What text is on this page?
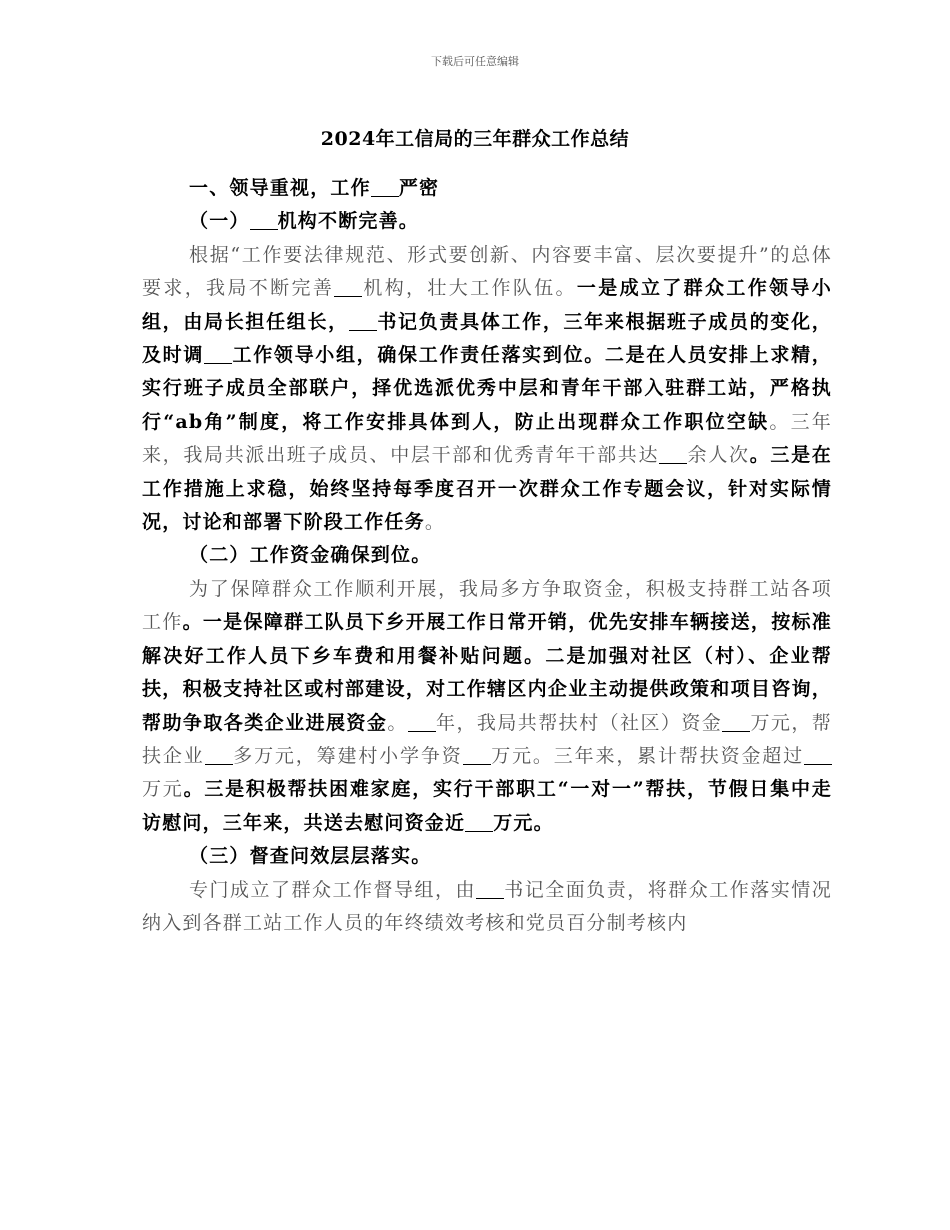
下载后可任意编辑
2024年工信局的三年群众工作总结
一、领导重视，工作 严密
（一） 机构不断完善。
根据“工作要法律规范、形式要创新、内容要丰富、层次要提升”的总体要求，我局不断完善 机构，壮大工作队伍。一是成立了群众工作领导小组，由局长担任组长， 书记负责具体工作，三年来根据班子成员的变化，及时调 工作领导小组，确保工作责任落实到位。二是在人员安排上求精，实行班子成员全部联户，择优选派优秀中层和青年干部入驻群工站，严格执行“ab角”制度，将工作安排具体到人，防止出现群众工作职位空缺。三年来，我局共派出班子成员、中层干部和优秀青年干部共达 余人次。三是在工作措施上求稳，始终坚持每季度召开一次群众工作专题会议，针对实际情况，讨论和部署下阶段工作任务。
（二）工作资金确保到位。
为了保障群众工作顺利开展，我局多方争取资金，积极支持群工站各项工作。一是保障群工队员下乡开展工作日常开销，优先安排车辆接送，按标准解决好工作人员下乡车费和用餐补贴问题。二是加强对社区（村）、企业帮扶，积极支持社区或村部建设，对工作辖区内企业主动提供政策和项目咨询，帮助争取各类企业进展资金。 年，我局共帮扶村（社区）资金 万元，帮扶企业 多万元，筹建村小学争资 万元。三年来，累计帮扶资金超过万元。三是积极帮扶困难家庭，实行干部职工“一对一”帮扶，节假日集中走访慰问，三年来，共送去慰问资金近 万元。
（三）督查问效层层落实。
专门成立了群众工作督导组，由 书记全面负责，将群众工作落实情况纳入到各群工站工作人员的年终绩效考核和党员百分制考核内
